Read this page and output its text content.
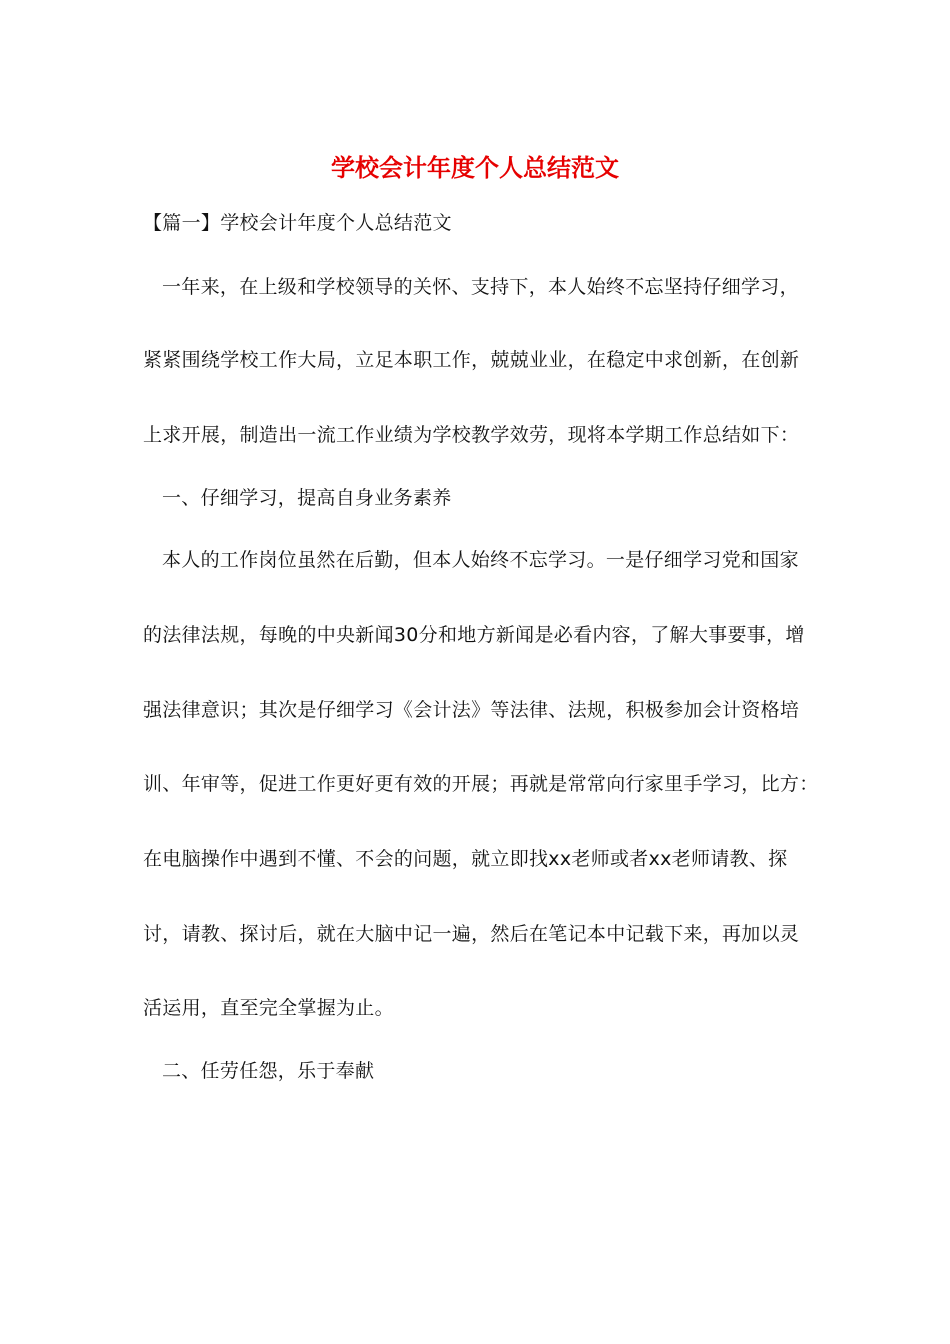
学校会计年度个人总结范文
【篇一】学校会计年度个人总结范文
一年来，在上级和学校领导的关怀、支持下，本人始终不忘坚持仔细学习，
紧紧围绕学校工作大局，立足本职工作，兢兢业业，在稳定中求创新，在创新
上求开展，制造出一流工作业绩为学校教学效劳，现将本学期工作总结如下：
一、仔细学习，提高自身业务素养
本人的工作岗位虽然在后勤，但本人始终不忘学习。一是仔细学习党和国家
的法律法规，每晚的中央新闻30分和地方新闻是必看内容，了解大事要事，增
强法律意识；其次是仔细学习《会计法》等法律、法规，积极参加会计资格培
训、年审等，促进工作更好更有效的开展；再就是常常向行家里手学习，比方：
在电脑操作中遇到不懂、不会的问题，就立即找xx老师或者xx老师请教、探
讨，请教、探讨后，就在大脑中记一遍，然后在笔记本中记载下来，再加以灵
活运用，直至完全掌握为止。
二、任劳任怨，乐于奉献
